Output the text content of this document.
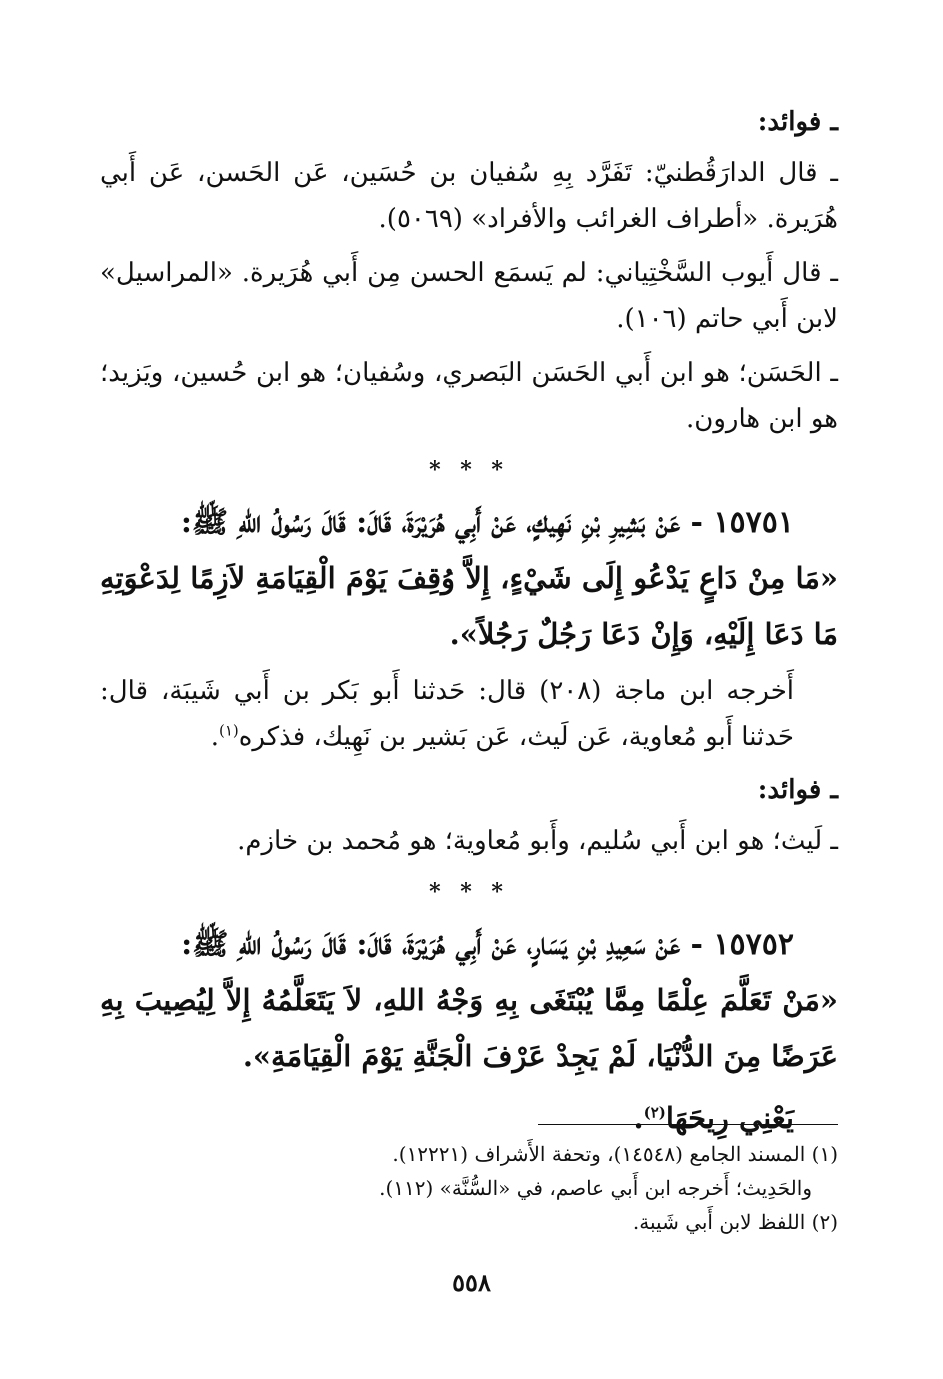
ـ فوائد:

ـ قال الدارَقُطنيّ: تَفَرَّد بِهِ سُفيان بن حُسَين، عَن الحَسن، عَن أَبي هُرَيرة. «أطراف الغرائب والأفراد» (٥٠٦٩).

ـ قال أَيوب السَّخْتِياني: لم يَسمَع الحسن مِن أَبي هُرَيرة. «المراسيل» لابن أَبي حاتم (١٠٦).

ـ الحَسَن؛ هو ابن أَبي الحَسَن البَصري، وسُفيان؛ هو ابن حُسين، ويَزيد؛ هو ابن هارون.

* * *

١٥٧٥١ - عَنْ بَشِيرِ بْنِ نَهِيكٍ، عَنْ أَبِي هُرَيْرَةَ، قَالَ: قَالَ رَسُولُ اللهِ ﷺ:

«مَا مِنْ دَاعٍ يَدْعُو إِلَى شَيْءٍ، إِلاَّ وُقِفَ يَوْمَ الْقِيَامَةِ لاَزِمًا لِدَعْوَتِهِ مَا دَعَا إِلَيْهِ، وَإِنْ دَعَا رَجُلٌ رَجُلاً».

أَخرجه ابن ماجة (٢٠٨) قال: حَدثنا أَبو بَكر بن أَبي شَيبَة، قال: حَدثنا أَبو مُعاوية، عَن لَيث، عَن بَشير بن نَهِيك، فذكره$^{(١)}$.

ـ فوائد:

ـ لَيث؛ هو ابن أَبي سُليم، وأَبو مُعاوية؛ هو مُحمد بن خازم.

* * *

١٥٧٥٢ - عَنْ سَعِيدِ بْنِ يَسَارٍ، عَنْ أَبِي هُرَيْرَةَ، قَالَ: قَالَ رَسُولُ اللهِ ﷺ:

«مَنْ تَعَلَّمَ عِلْمًا مِمَّا يُبْتَغَى بِهِ وَجْهُ اللهِ، لاَ يَتَعَلَّمُهُ إِلاَّ لِيُصِيبَ بِهِ عَرَضًا مِنَ الدُّنْيَا، لَمْ يَجِدْ عَرْفَ الْجَنَّةِ يَوْمَ الْقِيَامَةِ».

يَعْنِي رِيحَهَا$^{(٢)}$.

(١) المسند الجامع (١٤٥٤٨)، وتحفة الأَشراف (١٢٢٢١).

والحَدِيث؛ أَخرجه ابن أَبي عاصم، في «السُّنَّة» (١١٢).

(٢) اللفظ لابن أَبي شَيبة.

٥٥٨
